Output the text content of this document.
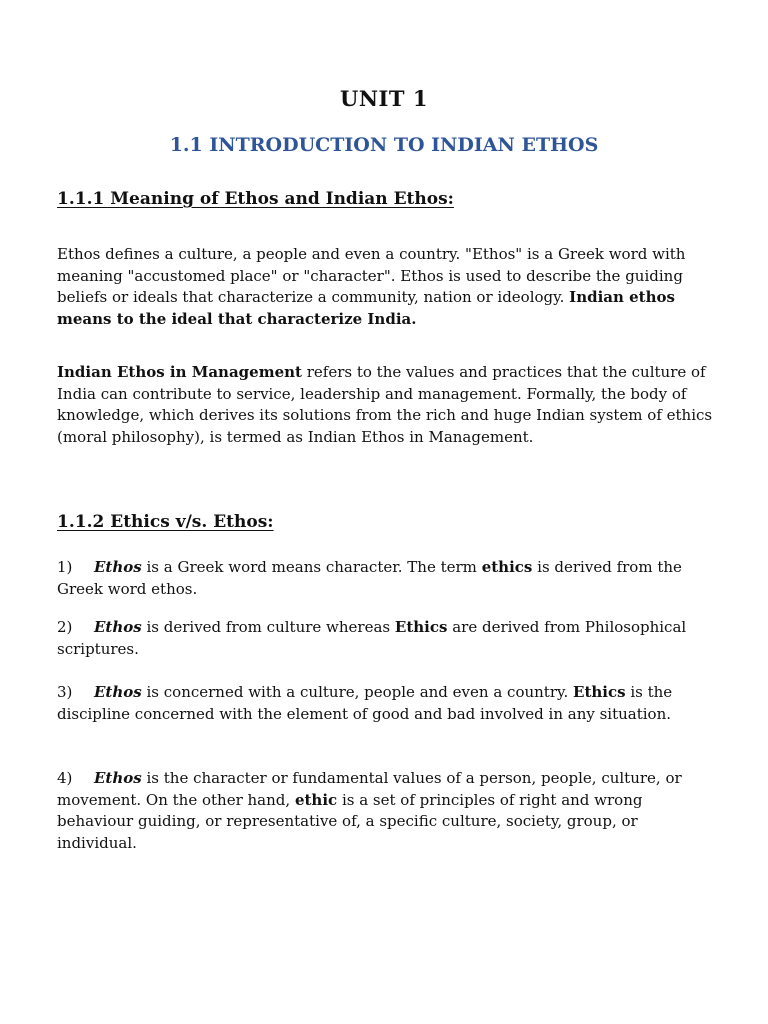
UNIT 1
1.1 INTRODUCTION TO INDIAN ETHOS
1.1.1 Meaning of Ethos and Indian Ethos:

Ethos defines a culture, a people and even a country. "Ethos" is a Greek word with meaning "accustomed place" or "character". Ethos is used to describe the guiding beliefs or ideals that characterize a community, nation or ideology. Indian ethos means to the ideal that characterize India.

Indian Ethos in Management refers to the values and practices that the culture of India can contribute to service, leadership and management. Formally, the body of knowledge, which derives its solutions from the rich and huge Indian system of ethics (moral philosophy), is termed as Indian Ethos in Management.

1.1.2 Ethics v/s. Ethos:

1) Ethos is a Greek word means character. The term ethics is derived from the Greek word ethos.

2) Ethos is derived from culture whereas Ethics are derived from Philosophical scriptures.

3) Ethos is concerned with a culture, people and even a country. Ethics is the discipline concerned with the element of good and bad involved in any situation.

4) Ethos is the character or fundamental values of a person, people, culture, or movement. On the other hand, ethic is a set of principles of right and wrong behaviour guiding, or representative of, a specific culture, society, group, or individual.
